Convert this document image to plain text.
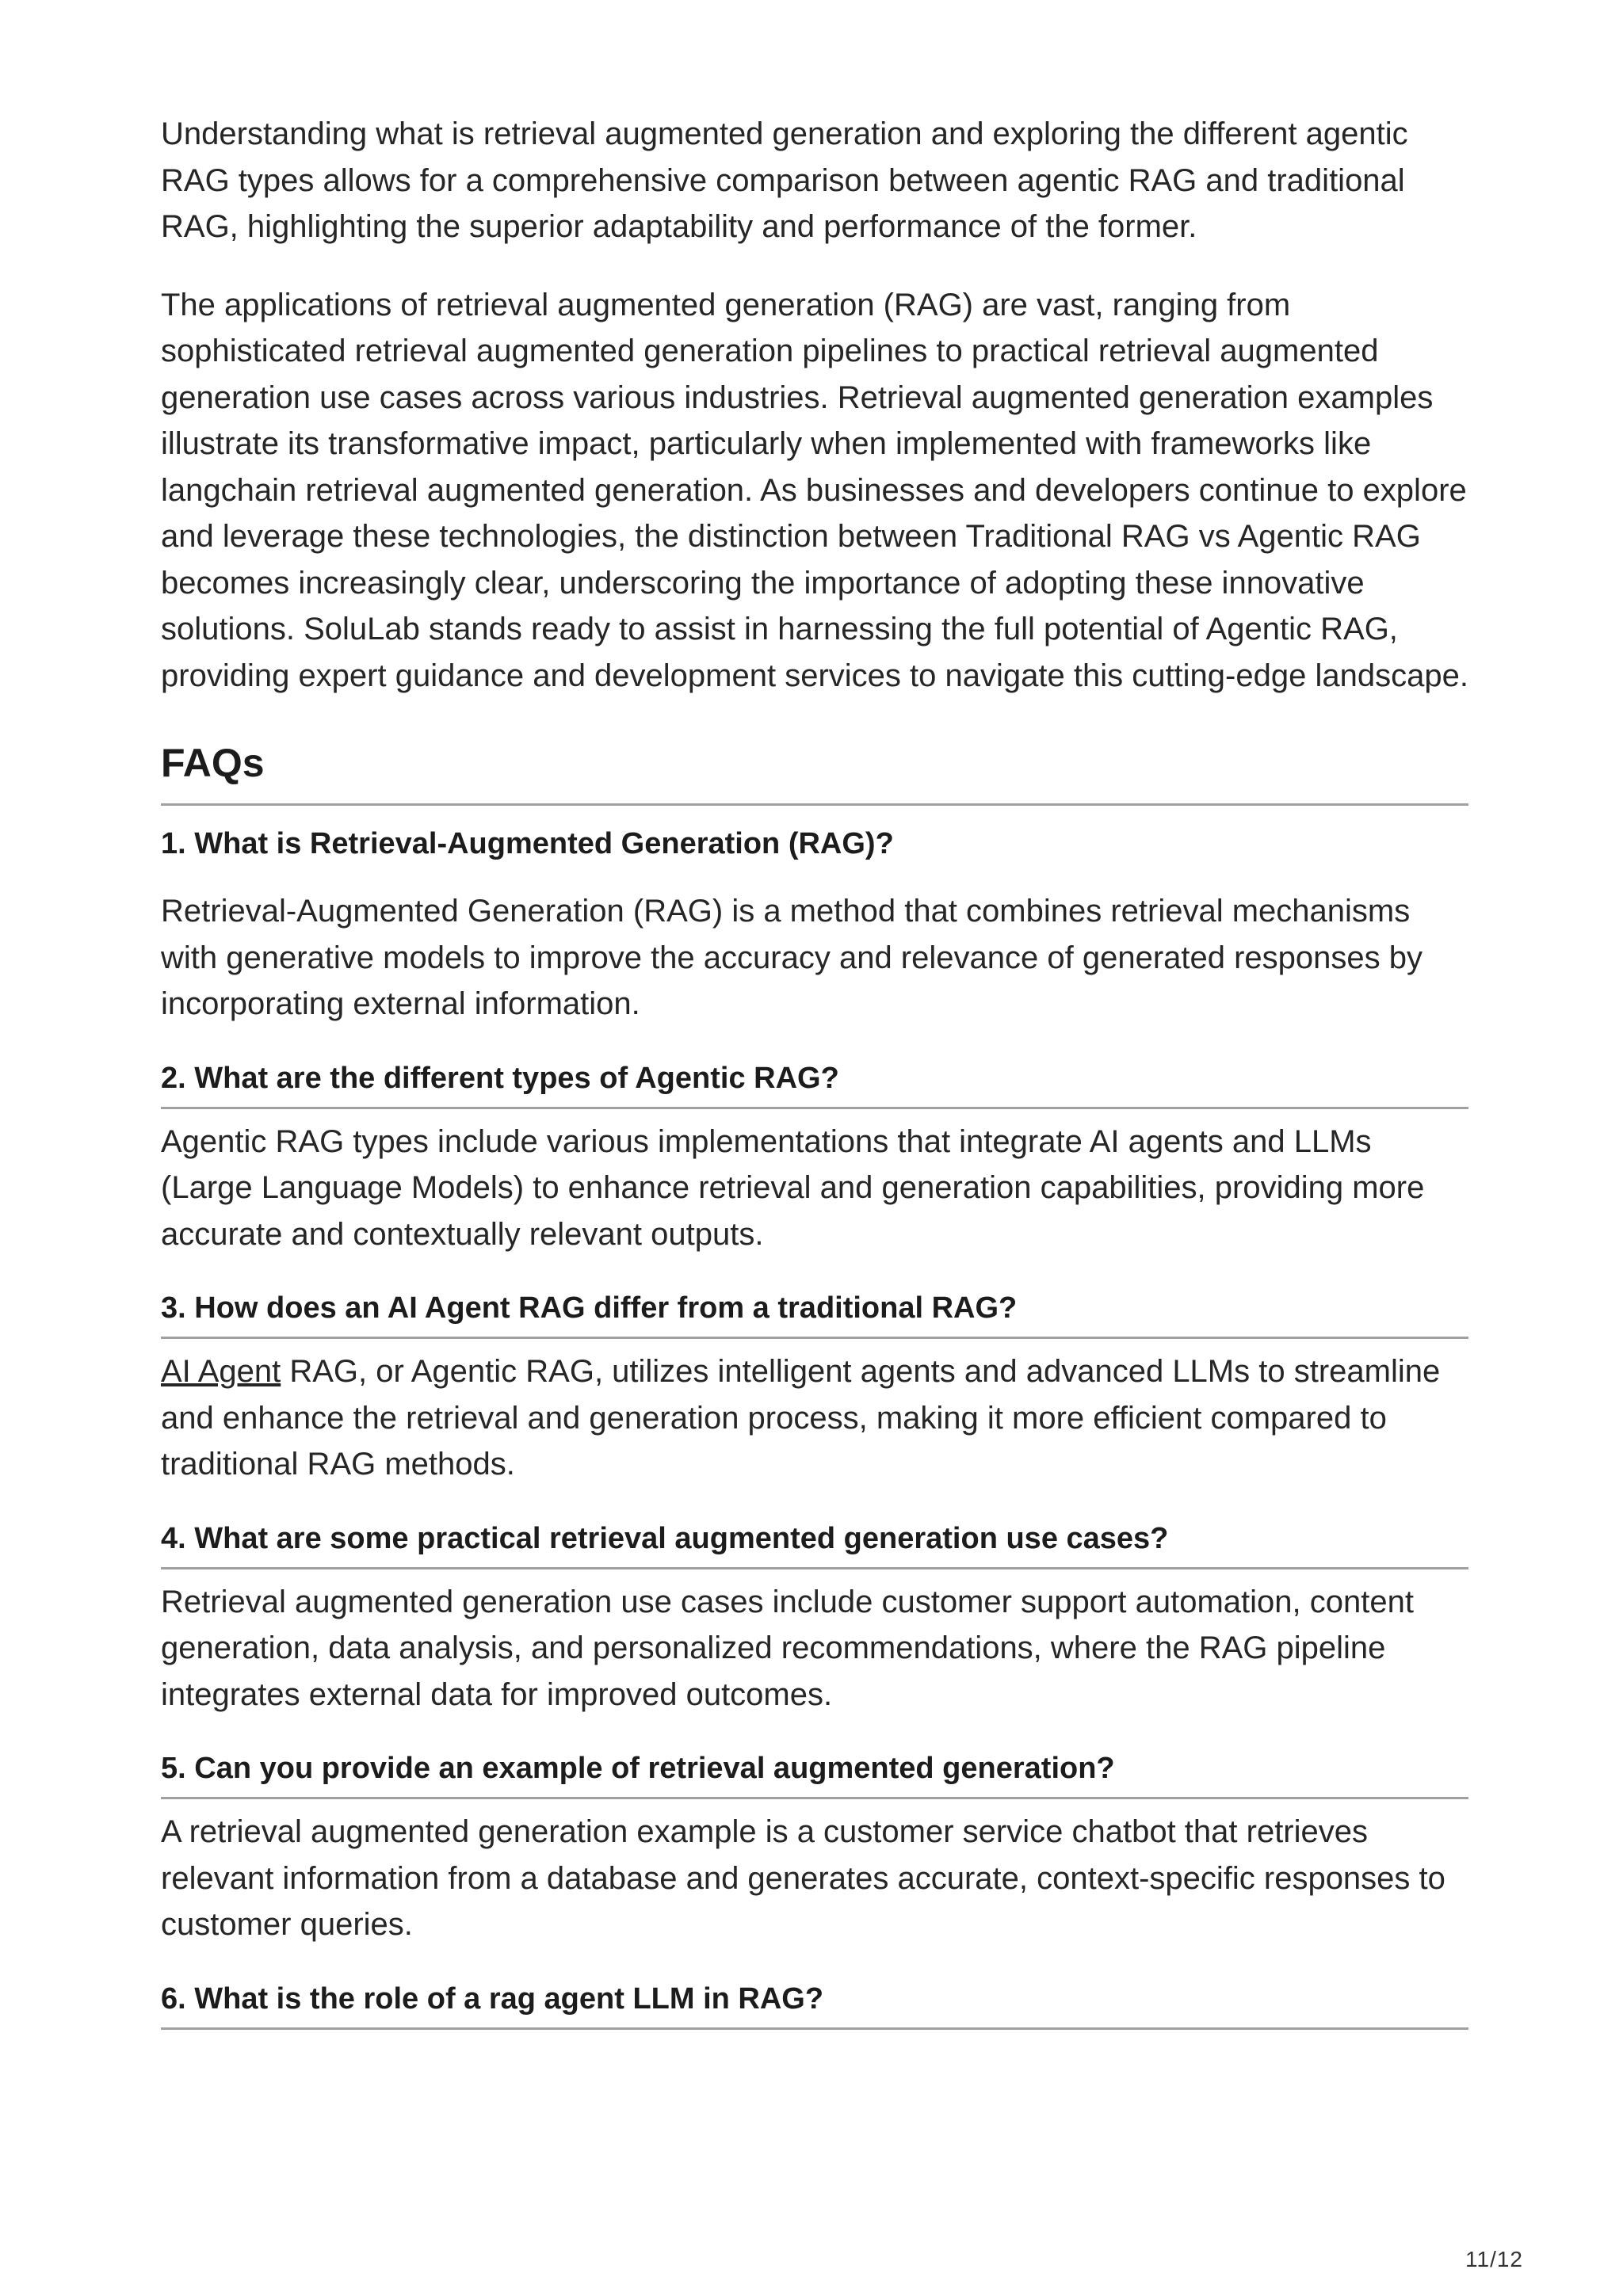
Understanding what is retrieval augmented generation and exploring the different agentic RAG types allows for a comprehensive comparison between agentic RAG and traditional RAG, highlighting the superior adaptability and performance of the former.

The applications of retrieval augmented generation (RAG) are vast, ranging from sophisticated retrieval augmented generation pipelines to practical retrieval augmented generation use cases across various industries. Retrieval augmented generation examples illustrate its transformative impact, particularly when implemented with frameworks like langchain retrieval augmented generation. As businesses and developers continue to explore and leverage these technologies, the distinction between Traditional RAG vs Agentic RAG becomes increasingly clear, underscoring the importance of adopting these innovative solutions. SoluLab stands ready to assist in harnessing the full potential of Agentic RAG, providing expert guidance and development services to navigate this cutting-edge landscape.

FAQs
1. What is Retrieval-Augmented Generation (RAG)?

Retrieval-Augmented Generation (RAG) is a method that combines retrieval mechanisms with generative models to improve the accuracy and relevance of generated responses by incorporating external information.

2. What are the different types of Agentic RAG?

Agentic RAG types include various implementations that integrate AI agents and LLMs (Large Language Models) to enhance retrieval and generation capabilities, providing more accurate and contextually relevant outputs.

3. How does an AI Agent RAG differ from a traditional RAG?

AI Agent RAG, or Agentic RAG, utilizes intelligent agents and advanced LLMs to streamline and enhance the retrieval and generation process, making it more efficient compared to traditional RAG methods.

4. What are some practical retrieval augmented generation use cases?

Retrieval augmented generation use cases include customer support automation, content generation, data analysis, and personalized recommendations, where the RAG pipeline integrates external data for improved outcomes.

5. Can you provide an example of retrieval augmented generation?

A retrieval augmented generation example is a customer service chatbot that retrieves relevant information from a database and generates accurate, context-specific responses to customer queries.

6. What is the role of a rag agent LLM in RAG?
11/12
